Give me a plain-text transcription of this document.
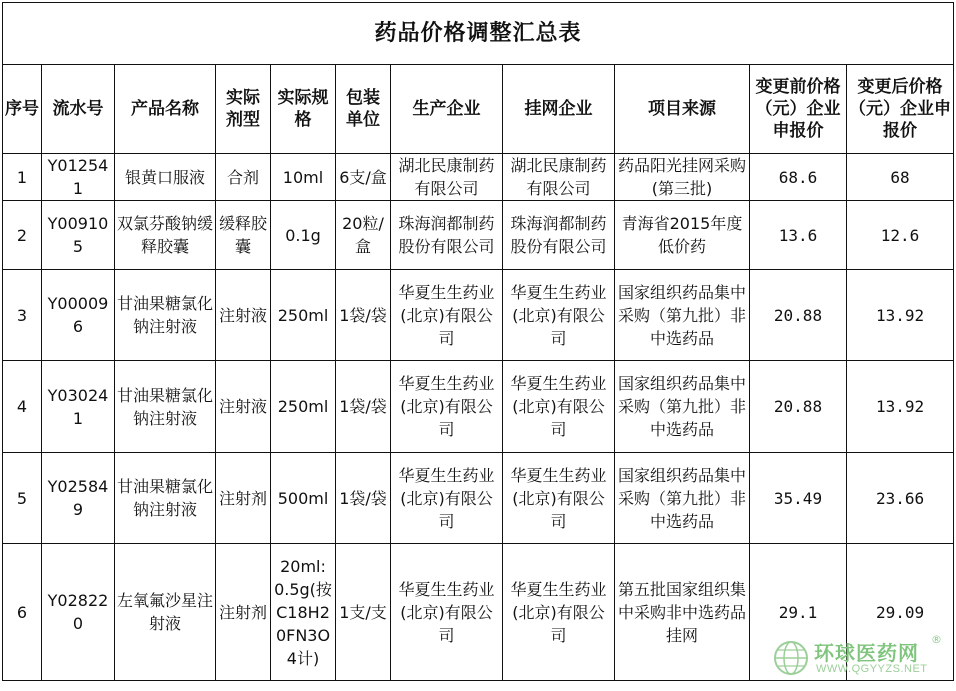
药品价格调整汇总表										
序号	流水号	产品名称	实际剂型	实际规格	包装单位	生产企业	挂网企业	项目来源	变更前价格（元）企业申报价	变更后价格（元）企业申报价
1	Y012541	银黄口服液	合剂	10ml	6支/盒	湖北民康制药有限公司	湖北民康制药有限公司	药品阳光挂网采购(第三批)	68.6	68
2	Y009105	双氯芬酸钠缓释胶囊	缓释胶囊	0.1g	20粒/盒	珠海润都制药股份有限公司	珠海润都制药股份有限公司	青海省2015年度低价药	13.6	12.6
3	Y000096	甘油果糖氯化钠注射液	注射液	250ml	1袋/袋	华夏生生药业(北京)有限公司	华夏生生药业(北京)有限公司	国家组织药品集中采购（第九批）非中选药品	20.88	13.92
4	Y030241	甘油果糖氯化钠注射液	注射液	250ml	1袋/袋	华夏生生药业(北京)有限公司	华夏生生药业(北京)有限公司	国家组织药品集中采购（第九批）非中选药品	20.88	13.92
5	Y025849	甘油果糖氯化钠注射液	注射剂	500ml	1袋/袋	华夏生生药业(北京)有限公司	华夏生生药业(北京)有限公司	国家组织药品集中采购（第九批）非中选药品	35.49	23.66
6	Y028220	左氧氟沙星注射液	注射剂	20ml:0.5g(按C18H20FN3O4计)	1支/支	华夏生生药业(北京)有限公司	华夏生生药业(北京)有限公司	第五批国家组织集中采购非中选药品挂网	29.1	29.09
环球医药网
®
WWW.QGYYZS.NET
